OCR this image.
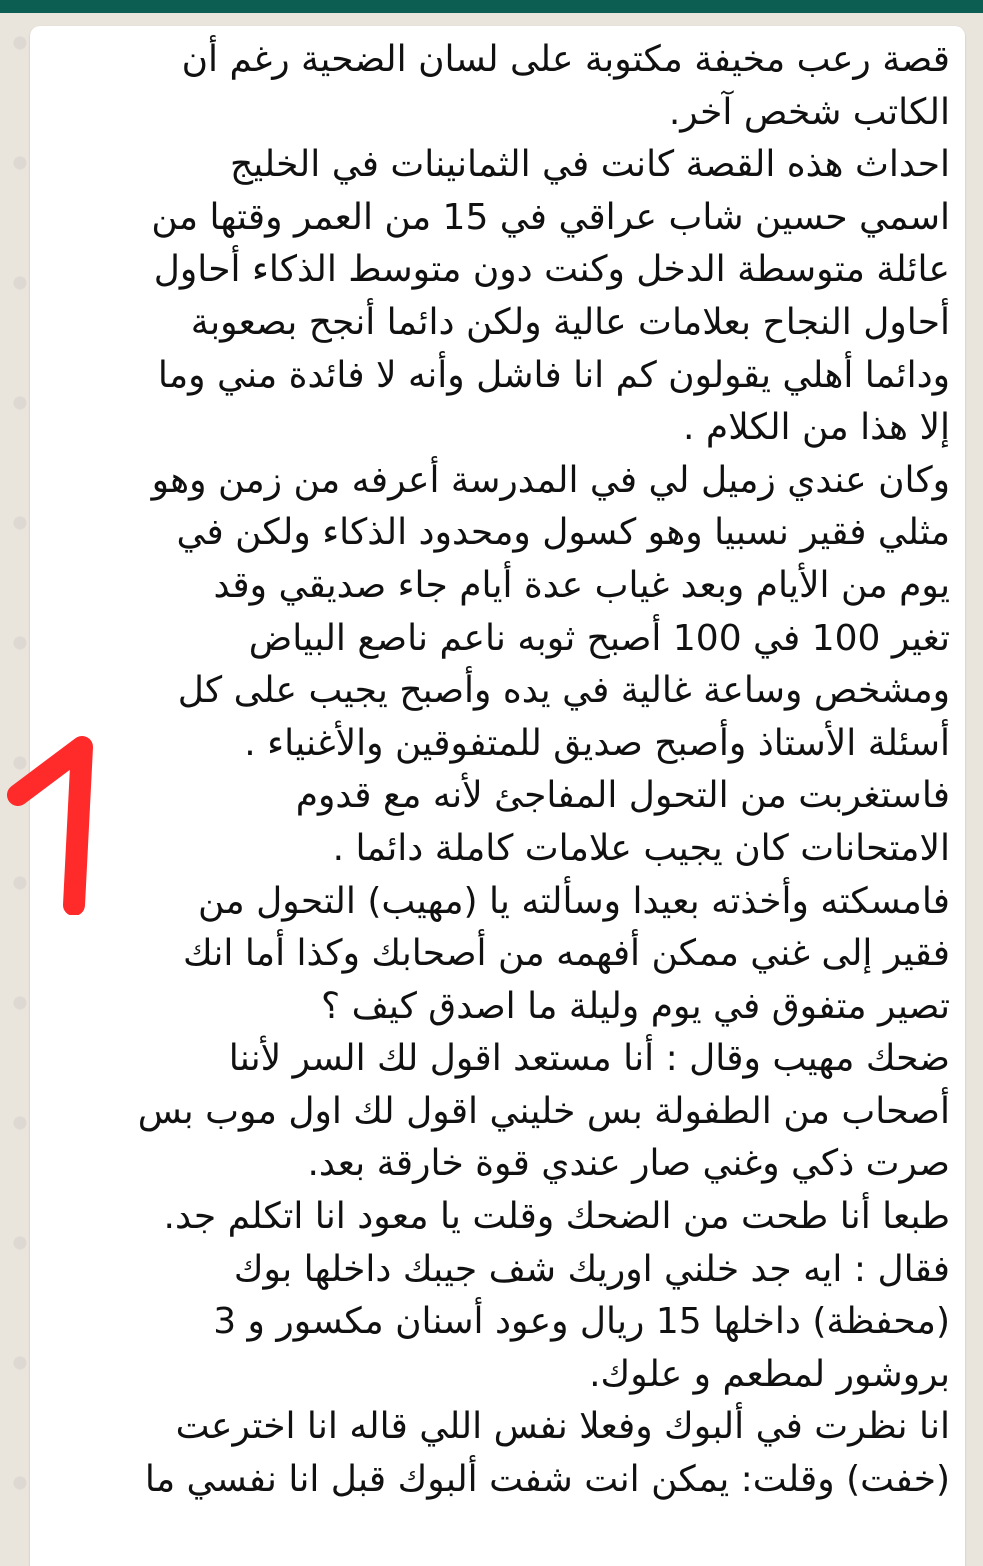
قصة رعب مخيفة مكتوبة على لسان الضحية رغم أن
الكاتب شخص آخر.
احداث هذه القصة كانت في الثمانينات في الخليج
اسمي حسين شاب عراقي في 15 من العمر وقتها من
عائلة متوسطة الدخل وكنت دون متوسط الذكاء أحاول
أحاول النجاح بعلامات عالية ولكن دائما أنجح بصعوبة
ودائما أهلي يقولون كم انا فاشل وأنه لا فائدة مني وما
إلا هذا من الكلام .
وكان عندي زميل لي في المدرسة أعرفه من زمن وهو
مثلي فقير نسبيا وهو كسول ومحدود الذكاء ولكن في
يوم من الأيام وبعد غياب عدة أيام جاء صديقي وقد
تغير 100 في 100 أصبح ثوبه ناعم ناصع البياض
ومشخص وساعة غالية في يده وأصبح يجيب على كل
أسئلة الأستاذ وأصبح صديق للمتفوقين والأغنياء .
فاستغربت من التحول المفاجئ لأنه مع قدوم
الامتحانات كان يجيب علامات كاملة دائما .
فامسكته وأخذته بعيدا وسألته يا (مهيب) التحول من
فقير إلى غني ممكن أفهمه من أصحابك وكذا أما انك
تصير متفوق في يوم وليلة ما اصدق كيف ؟
ضحك مهيب وقال : أنا مستعد اقول لك السر لأننا
أصحاب من الطفولة بس خليني اقول لك اول موب بس
صرت ذكي وغني صار عندي قوة خارقة بعد.
طبعا أنا طحت من الضحك وقلت يا معود انا اتكلم جد.
فقال : ايه جد خلني اوريك شف جيبك داخلها بوك
(محفظة) داخلها 15 ريال وعود أسنان مكسور و 3
بروشور لمطعم و علوك.
انا نظرت في ألبوك وفعلا نفس اللي قاله انا اخترعت
(خفت) وقلت: يمكن انت شفت ألبوك قبل انا نفسي ما
